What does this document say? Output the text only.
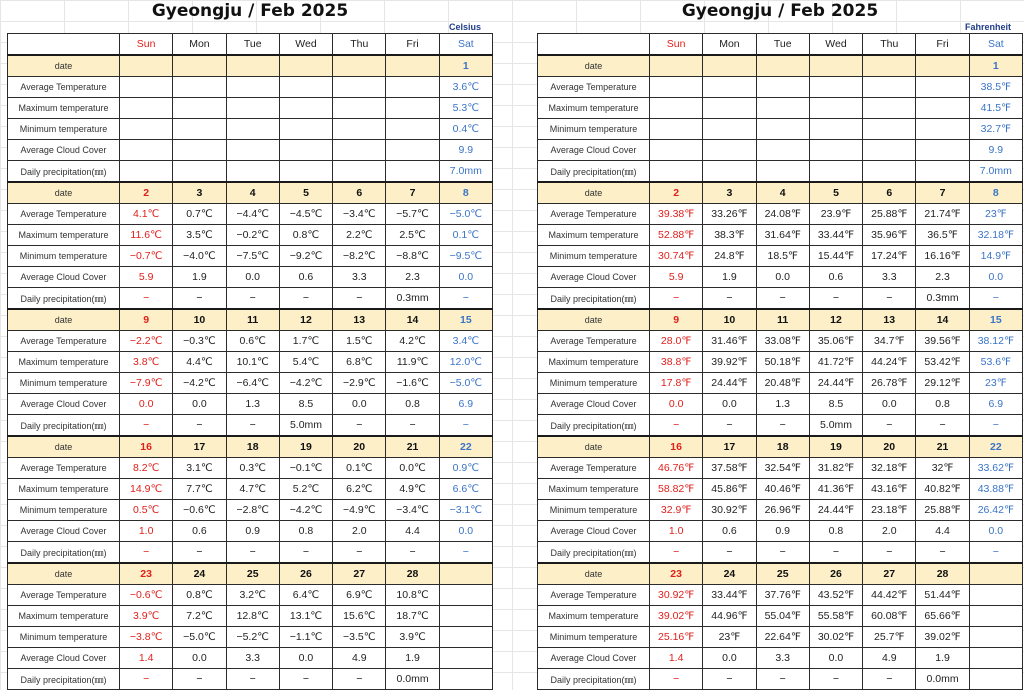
Gyeongju / Feb 2025
Celsius
	Sun	Mon	Tue	Wed	Thu	Fri	Sat
date							1
Average Temperature							3.6℃
Maximum temperature							5.3℃
Minimum temperature							0.4℃
Average Cloud Cover							9.9
Daily precipitation(㎜)							7.0mm
date	2	3	4	5	6	7	8
Average Temperature	4.1℃	0.7℃	−4.4℃	−4.5℃	−3.4℃	−5.7℃	−5.0℃
Maximum temperature	11.6℃	3.5℃	−0.2℃	0.8℃	2.2℃	2.5℃	0.1℃
Minimum temperature	−0.7℃	−4.0℃	−7.5℃	−9.2℃	−8.2℃	−8.8℃	−9.5℃
Average Cloud Cover	5.9	1.9	0.0	0.6	3.3	2.3	0.0
Daily precipitation(㎜)	−	−	−	−	−	0.3mm	−
date	9	10	11	12	13	14	15
Average Temperature	−2.2℃	−0.3℃	0.6℃	1.7℃	1.5℃	4.2℃	3.4℃
Maximum temperature	3.8℃	4.4℃	10.1℃	5.4℃	6.8℃	11.9℃	12.0℃
Minimum temperature	−7.9℃	−4.2℃	−6.4℃	−4.2℃	−2.9℃	−1.6℃	−5.0℃
Average Cloud Cover	0.0	0.0	1.3	8.5	0.0	0.8	6.9
Daily precipitation(㎜)	−	−	−	5.0mm	−	−	−
date	16	17	18	19	20	21	22
Average Temperature	8.2℃	3.1℃	0.3℃	−0.1℃	0.1℃	0.0℃	0.9℃
Maximum temperature	14.9℃	7.7℃	4.7℃	5.2℃	6.2℃	4.9℃	6.6℃
Minimum temperature	0.5℃	−0.6℃	−2.8℃	−4.2℃	−4.9℃	−3.4℃	−3.1℃
Average Cloud Cover	1.0	0.6	0.9	0.8	2.0	4.4	0.0
Daily precipitation(㎜)	−	−	−	−	−	−	−
date	23	24	25	26	27	28	
Average Temperature	−0.6℃	0.8℃	3.2℃	6.4℃	6.9℃	10.8℃	
Maximum temperature	3.9℃	7.2℃	12.8℃	13.1℃	15.6℃	18.7℃	
Minimum temperature	−3.8℃	−5.0℃	−5.2℃	−1.1℃	−3.5℃	3.9℃	
Average Cloud Cover	1.4	0.0	3.3	0.0	4.9	1.9	
Daily precipitation(㎜)	−	−	−	−	−	0.0mm	
Gyeongju / Feb 2025
Fahrenheit
	Sun	Mon	Tue	Wed	Thu	Fri	Sat
date							1
Average Temperature							38.5℉
Maximum temperature							41.5℉
Minimum temperature							32.7℉
Average Cloud Cover							9.9
Daily precipitation(㎜)							7.0mm
date	2	3	4	5	6	7	8
Average Temperature	39.38℉	33.26℉	24.08℉	23.9℉	25.88℉	21.74℉	23℉
Maximum temperature	52.88℉	38.3℉	31.64℉	33.44℉	35.96℉	36.5℉	32.18℉
Minimum temperature	30.74℉	24.8℉	18.5℉	15.44℉	17.24℉	16.16℉	14.9℉
Average Cloud Cover	5.9	1.9	0.0	0.6	3.3	2.3	0.0
Daily precipitation(㎜)	−	−	−	−	−	0.3mm	−
date	9	10	11	12	13	14	15
Average Temperature	28.0℉	31.46℉	33.08℉	35.06℉	34.7℉	39.56℉	38.12℉
Maximum temperature	38.8℉	39.92℉	50.18℉	41.72℉	44.24℉	53.42℉	53.6℉
Minimum temperature	17.8℉	24.44℉	20.48℉	24.44℉	26.78℉	29.12℉	23℉
Average Cloud Cover	0.0	0.0	1.3	8.5	0.0	0.8	6.9
Daily precipitation(㎜)	−	−	−	5.0mm	−	−	−
date	16	17	18	19	20	21	22
Average Temperature	46.76℉	37.58℉	32.54℉	31.82℉	32.18℉	32℉	33.62℉
Maximum temperature	58.82℉	45.86℉	40.46℉	41.36℉	43.16℉	40.82℉	43.88℉
Minimum temperature	32.9℉	30.92℉	26.96℉	24.44℉	23.18℉	25.88℉	26.42℉
Average Cloud Cover	1.0	0.6	0.9	0.8	2.0	4.4	0.0
Daily precipitation(㎜)	−	−	−	−	−	−	−
date	23	24	25	26	27	28	
Average Temperature	30.92℉	33.44℉	37.76℉	43.52℉	44.42℉	51.44℉	
Maximum temperature	39.02℉	44.96℉	55.04℉	55.58℉	60.08℉	65.66℉	
Minimum temperature	25.16℉	23℉	22.64℉	30.02℉	25.7℉	39.02℉	
Average Cloud Cover	1.4	0.0	3.3	0.0	4.9	1.9	
Daily precipitation(㎜)	−	−	−	−	−	0.0mm	
